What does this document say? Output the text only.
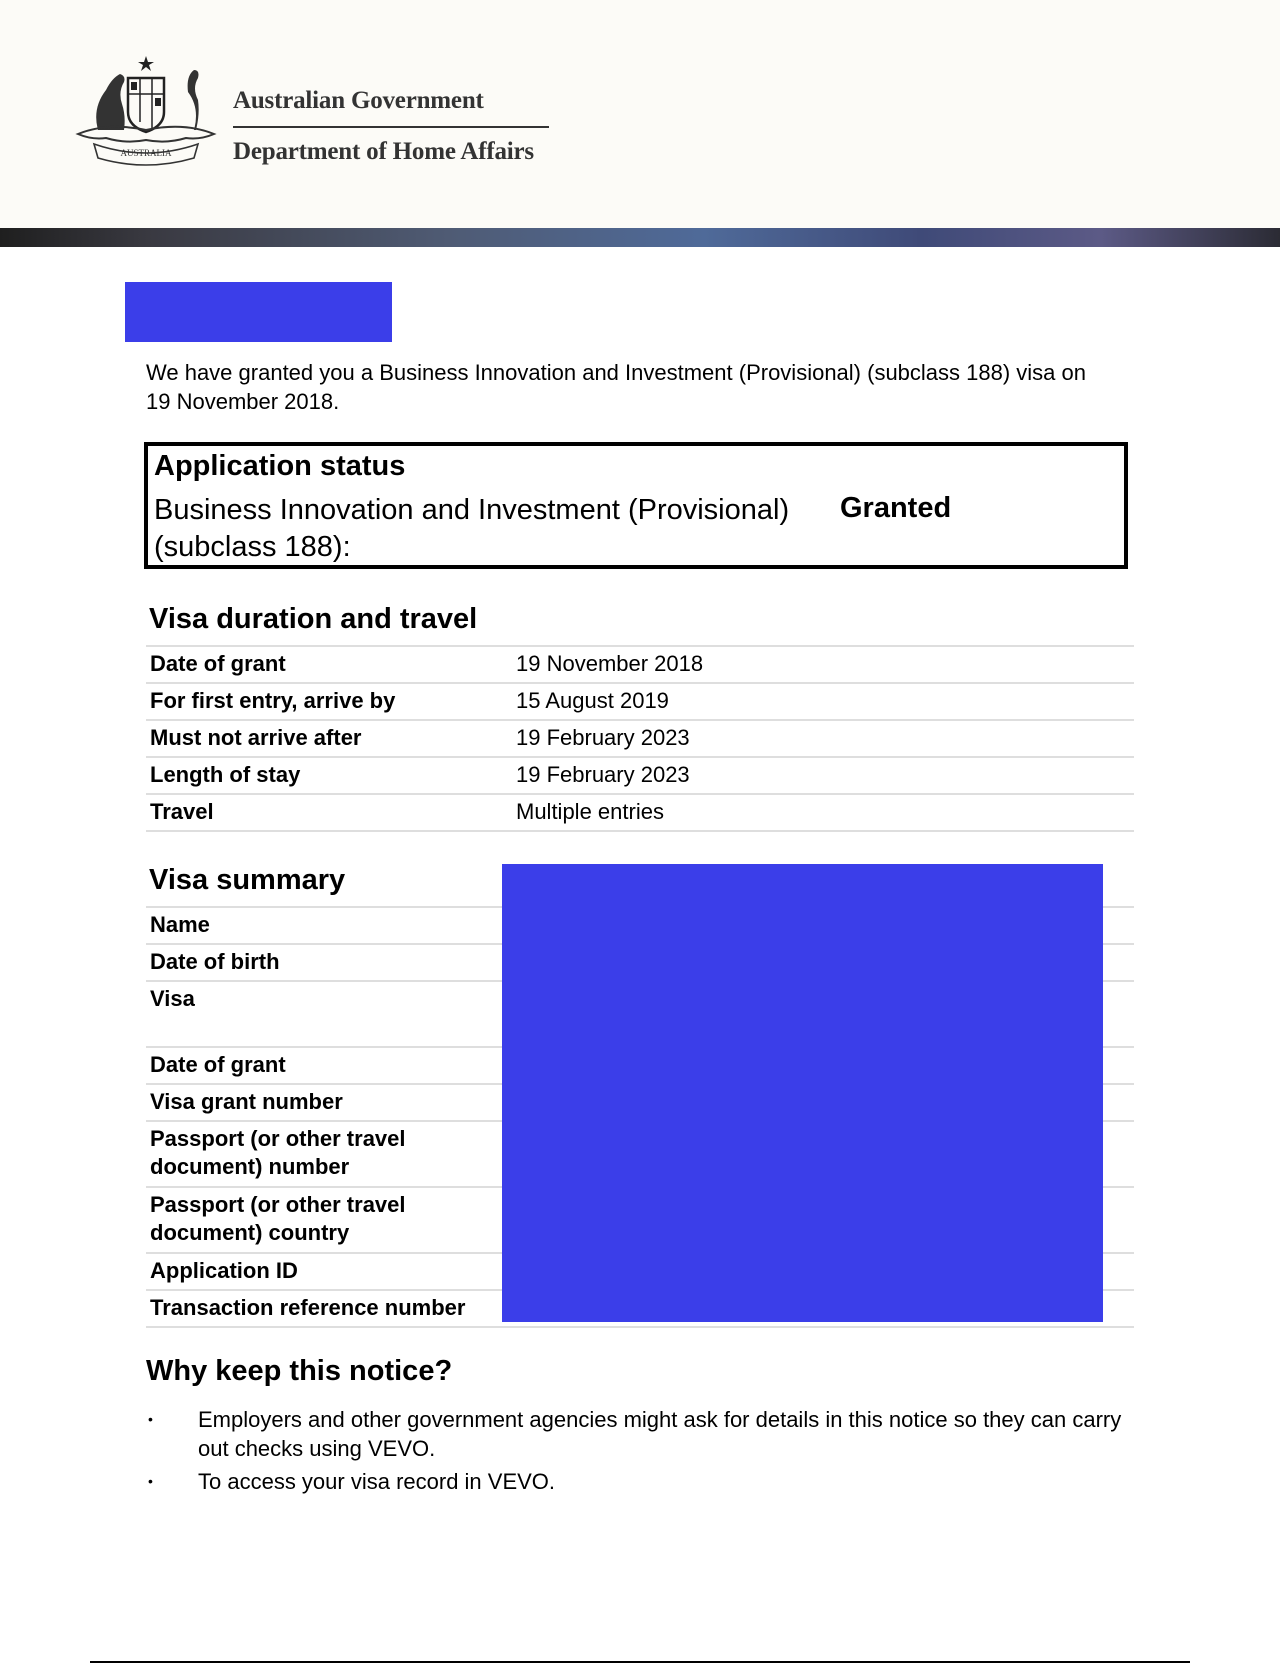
AUSTRALIA
Australian Government
Department of Home Affairs
We have granted you a Business Innovation and Investment (Provisional) (subclass 188) visa on 19 November 2018.
Application status
Business Innovation and Investment (Provisional) (subclass 188):
Granted
Visa duration and travel
Date of grant	19 November 2018
For first entry, arrive by	15 August 2019
Must not arrive after	19 February 2023
Length of stay	19 February 2023
Travel	Multiple entries
Visa summary
Name
Date of birth
Visa
Date of grant
Visa grant number
Passport (or other travel document) number
Passport (or other travel document) country
Application ID
Transaction reference number
Why keep this notice?
• Employers and other government agencies might ask for details in this notice so they can carry out checks using VEVO.
• To access your visa record in VEVO.
